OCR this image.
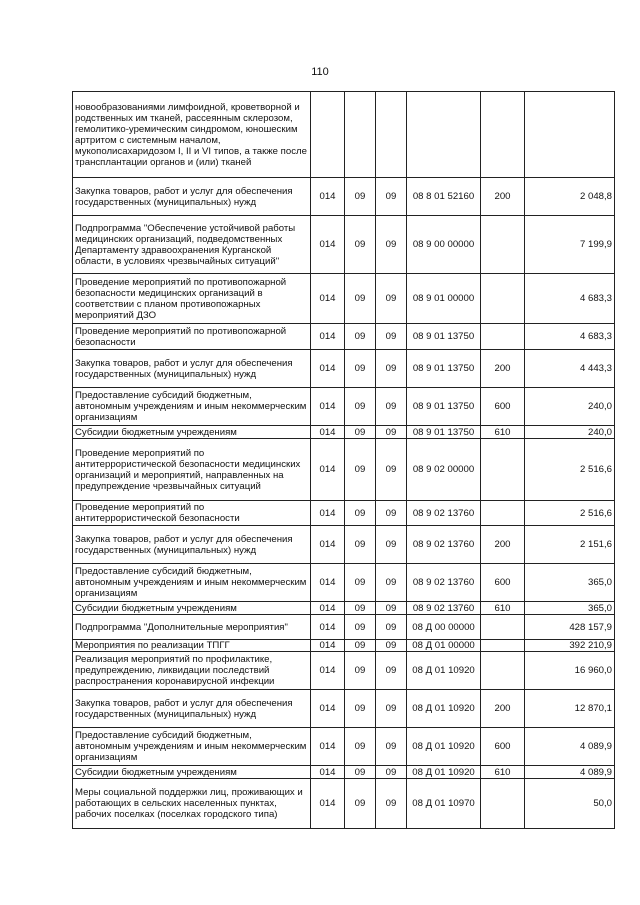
110
новообразованиями лимфоидной, кроветворной и родственных им тканей, рассеянным склерозом, гемолитико-уремическим синдромом, юношеским артритом с системным началом, мукополисахаридозом I, II и VI типов, а также после трансплантации органов и (или) тканей						
Закупка товаров, работ и услуг для обеспечения государственных (муниципальных) нужд	014	09	09	08 8 01 52160	200	2 048,8
Подпрограмма "Обеспечение устойчивой работы медицинских организаций, подведомственных Департаменту здравоохранения Курганской области, в условиях чрезвычайных ситуаций"	014	09	09	08 9 00 00000		7 199,9
Проведение мероприятий по противопожарной безопасности медицинских организаций в соответствии с планом противопожарных мероприятий ДЗО	014	09	09	08 9 01 00000		4 683,3
Проведение мероприятий по противопожарной безопасности	014	09	09	08 9 01 13750		4 683,3
Закупка товаров, работ и услуг для обеспечения государственных (муниципальных) нужд	014	09	09	08 9 01 13750	200	4 443,3
Предоставление субсидий бюджетным, автономным учреждениям и иным некоммерческим организациям	014	09	09	08 9 01 13750	600	240,0
Субсидии бюджетным учреждениям	014	09	09	08 9 01 13750	610	240,0
Проведение мероприятий по антитеррористической безопасности медицинских организаций и мероприятий, направленных на предупреждение чрезвычайных ситуаций	014	09	09	08 9 02 00000		2 516,6
Проведение мероприятий по антитеррористической безопасности	014	09	09	08 9 02 13760		2 516,6
Закупка товаров, работ и услуг для обеспечения государственных (муниципальных) нужд	014	09	09	08 9 02 13760	200	2 151,6
Предоставление субсидий бюджетным, автономным учреждениям и иным некоммерческим организациям	014	09	09	08 9 02 13760	600	365,0
Субсидии бюджетным учреждениям	014	09	09	08 9 02 13760	610	365,0
Подпрограмма "Дополнительные мероприятия"	014	09	09	08 Д 00 00000		428 157,9
Мероприятия по реализации ТПГГ	014	09	09	08 Д 01 00000		392 210,9
Реализация мероприятий по профилактике, предупреждению, ликвидации последствий распространения коронавирусной инфекции	014	09	09	08 Д 01 10920		16 960,0
Закупка товаров, работ и услуг для обеспечения государственных (муниципальных) нужд	014	09	09	08 Д 01 10920	200	12 870,1
Предоставление субсидий бюджетным, автономным учреждениям и иным некоммерческим организациям	014	09	09	08 Д 01 10920	600	4 089,9
Субсидии бюджетным учреждениям	014	09	09	08 Д 01 10920	610	4 089,9
Меры социальной поддержки лиц, проживающих и работающих в сельских населенных пунктах, рабочих поселках (поселках городского типа)	014	09	09	08 Д 01 10970		50,0
